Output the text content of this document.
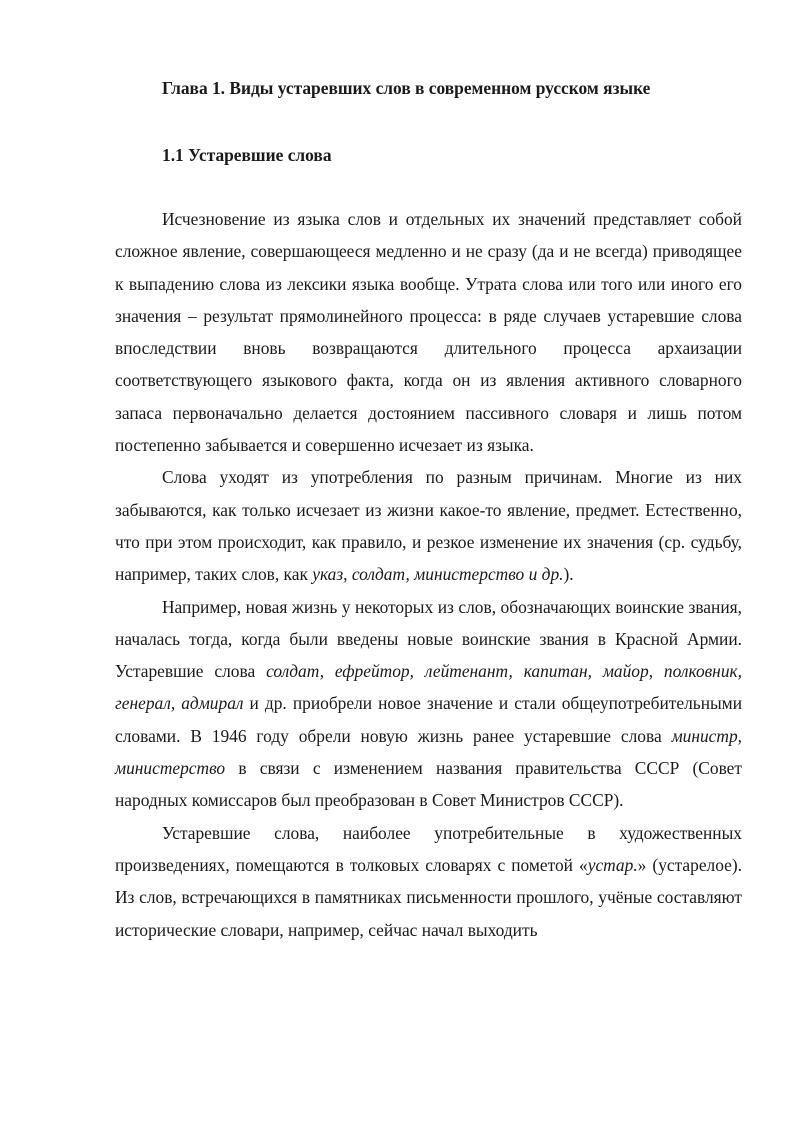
Глава 1. Виды устаревших слов в современном русском языке
1.1 Устаревшие слова

Исчезновение из языка слов и отдельных их значений представляет собой сложное явление, совершающееся медленно и не сразу (да и не всегда) приводящее к выпадению слова из лексики языка вообще. Утрата слова или того или иного его значения – результат прямолинейного процесса: в ряде случаев устаревшие слова впоследствии вновь возвращаются длительного процесса архаизации соответствующего языкового факта, когда он из явления активного словарного запаса первоначально делается достоянием пассивного словаря и лишь потом постепенно забывается и совершенно исчезает из языка.

Слова уходят из употребления по разным причинам. Многие из них забываются, как только исчезает из жизни какое-то явление, предмет. Естественно, что при этом происходит, как правило, и резкое изменение их значения (ср. судьбу, например, таких слов, как указ, солдат, министерство и др.).

Например, новая жизнь у некоторых из слов, обозначающих воинские звания, началась тогда, когда были введены новые воинские звания в Красной Армии. Устаревшие слова солдат, ефрейтор, лейтенант, капитан, майор, полковник, генерал, адмирал и др. приобрели новое значение и стали общеупотребительными словами. В 1946 году обрели новую жизнь ранее устаревшие слова министр, министерство в связи с изменением названия правительства СССР (Совет народных комиссаров был преобразован в Совет Министров СССР).

Устаревшие слова, наиболее употребительные в художественных произведениях, помещаются в толковых словарях с пометой «устар.» (устарелое). Из слов, встречающихся в памятниках письменности прошлого, учёные составляют исторические словари, например, сейчас начал выходить
